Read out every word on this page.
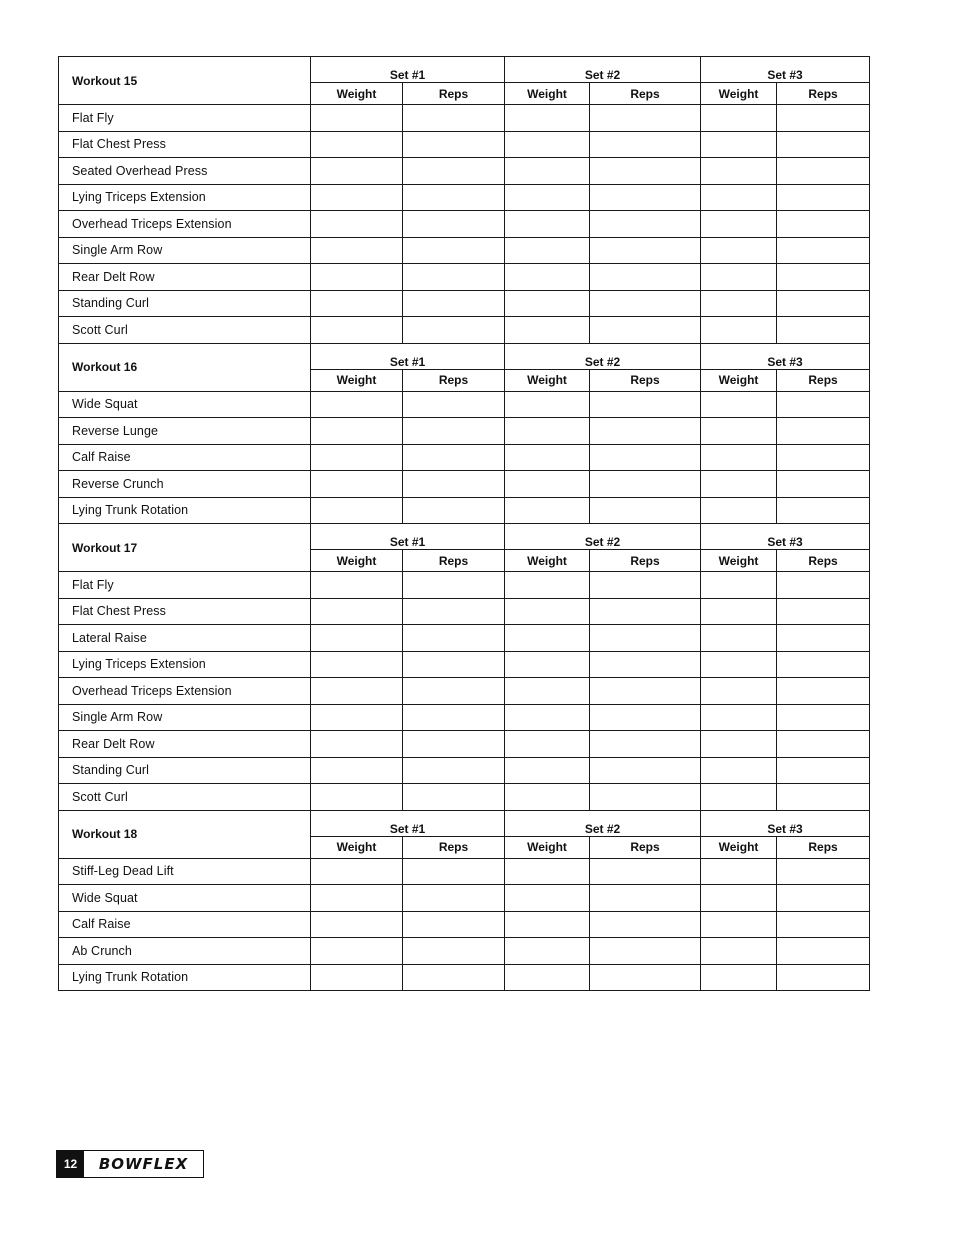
Workout 15	Set #1		Set #2		Set #3	
	Weight	Reps	Weight	Reps	Weight	Reps
Flat Fly						
Flat Chest Press						
Seated Overhead Press						
Lying Triceps Extension						
Overhead Triceps Extension						
Single Arm Row						
Rear Delt Row						
Standing Curl						
Scott Curl						
Workout 16	Set #1		Set #2		Set #3	
	Weight	Reps	Weight	Reps	Weight	Reps
Wide Squat						
Reverse Lunge						
Calf Raise						
Reverse Crunch						
Lying Trunk Rotation						
Workout 17	Set #1		Set #2		Set #3	
	Weight	Reps	Weight	Reps	Weight	Reps
Flat Fly						
Flat Chest Press						
Lateral Raise						
Lying Triceps Extension						
Overhead Triceps Extension						
Single Arm Row						
Rear Delt Row						
Standing Curl						
Scott Curl						
Workout 18	Set #1		Set #2		Set #3	
	Weight	Reps	Weight	Reps	Weight	Reps
Stiff-Leg Dead Lift						
Wide Squat						
Calf Raise						
Ab Crunch						
Lying Trunk Rotation						
12	BOWFLEX
